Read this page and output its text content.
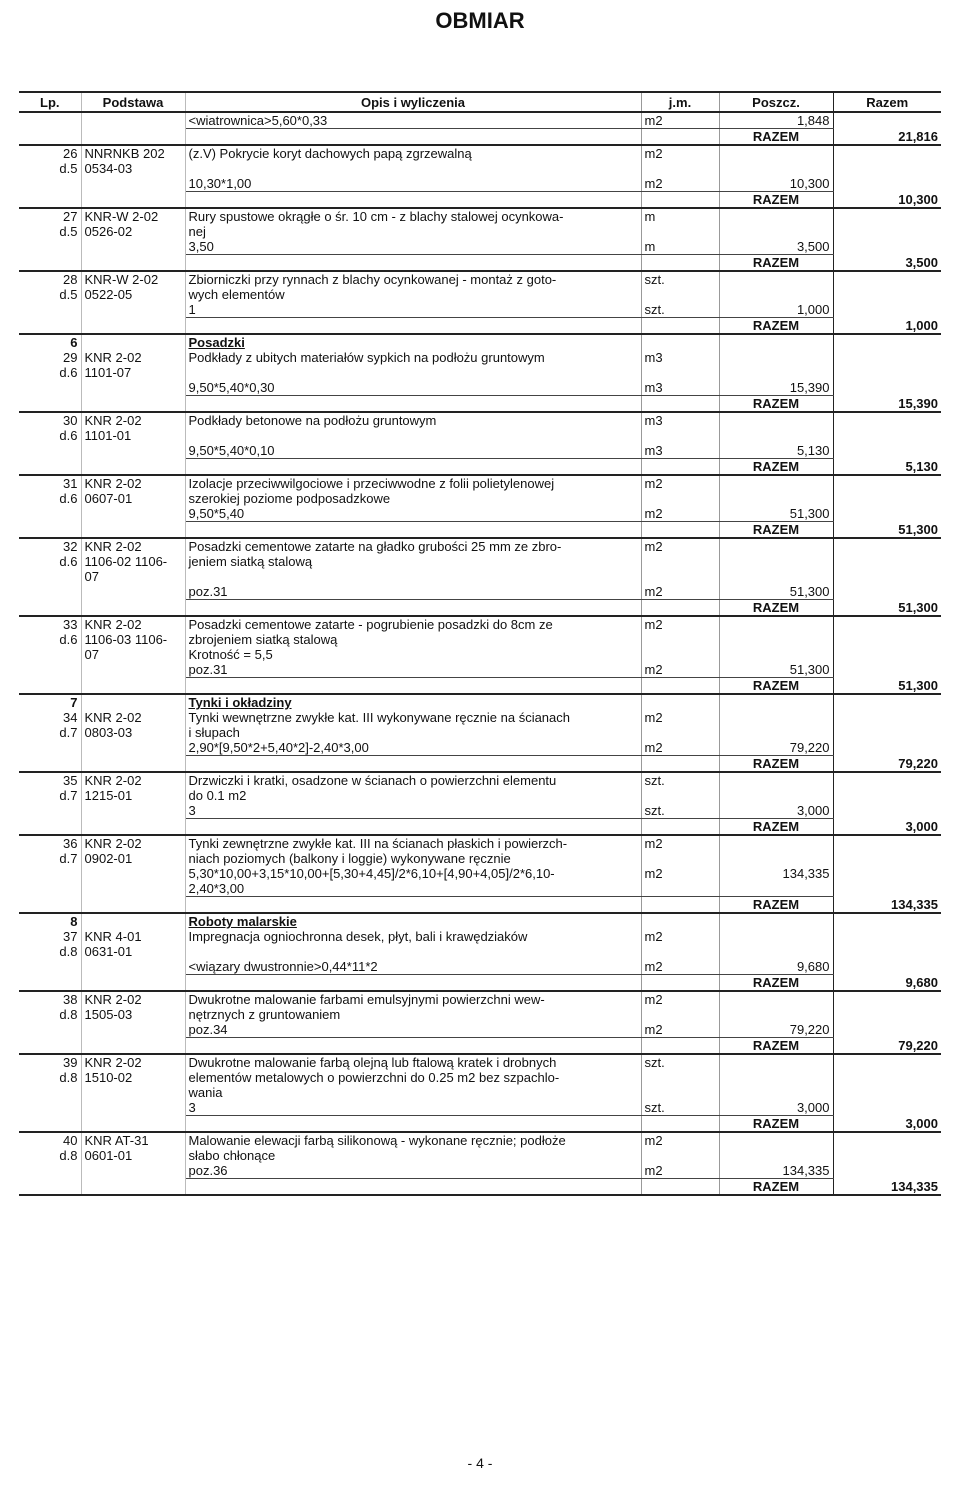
OBMIAR
Lp.	Podstawa	Opis i wyliczenia	j.m.	Poszcz.	Razem
		<wiatrownica>5,60*0,33	m2	1,848	
				RAZEM	21,816
26	NNRNKB 202	(z.V) Pokrycie koryt dachowych papą zgrzewalną	m2		
d.5	0534-03				
		10,30*1,00	m2	10,300	
				RAZEM	10,300
27	KNR-W 2-02	Rury spustowe okrągłe o śr. 10 cm - z blachy stalowej ocynkowa-	m		
d.5	0526-02	nej			
		3,50	m	3,500	
				RAZEM	3,500
28	KNR-W 2-02	Zbiorniczki przy rynnach z blachy ocynkowanej - montaż z goto-	szt.		
d.5	0522-05	wych elementów			
		1	szt.	1,000	
				RAZEM	1,000
6		Posadzki			
29	KNR 2-02	Podkłady z ubitych materiałów sypkich na podłożu gruntowym	m3		
d.6	1101-07				
		9,50*5,40*0,30	m3	15,390	
				RAZEM	15,390
30	KNR 2-02	Podkłady betonowe na podłożu gruntowym	m3		
d.6	1101-01				
		9,50*5,40*0,10	m3	5,130	
				RAZEM	5,130
31	KNR 2-02	Izolacje przeciwwilgociowe i przeciwwodne z folii polietylenowej	m2		
d.6	0607-01	szerokiej poziome podposadzkowe			
		9,50*5,40	m2	51,300	
				RAZEM	51,300
32	KNR 2-02	Posadzki cementowe zatarte na gładko grubości 25 mm ze zbro-	m2		
d.6	1106-02 1106-	jeniem siatką stalową			
	07				
		poz.31	m2	51,300	
				RAZEM	51,300
33	KNR 2-02	Posadzki cementowe zatarte - pogrubienie posadzki do 8cm ze	m2		
d.6	1106-03 1106-	zbrojeniem siatką stalową			
	07	Krotność = 5,5			
		poz.31	m2	51,300	
				RAZEM	51,300
7		Tynki i okładziny			
34	KNR 2-02	Tynki wewnętrzne zwykłe kat. III wykonywane ręcznie na ścianach	m2		
d.7	0803-03	i słupach			
		2,90*[9,50*2+5,40*2]-2,40*3,00	m2	79,220	
				RAZEM	79,220
35	KNR 2-02	Drzwiczki i kratki, osadzone w ścianach o powierzchni elementu	szt.		
d.7	1215-01	do 0.1 m2			
		3	szt.	3,000	
				RAZEM	3,000
36	KNR 2-02	Tynki zewnętrzne zwykłe kat. III na ścianach płaskich i powierzch-	m2		
d.7	0902-01	niach poziomych (balkony i loggie) wykonywane ręcznie			
		5,30*10,00+3,15*10,00+[5,30+4,45]/2*6,10+[4,90+4,05]/2*6,10-	m2	134,335	
		2,40*3,00			
				RAZEM	134,335
8		Roboty malarskie			
37	KNR 4-01	Impregnacja ogniochronna desek, płyt, bali i krawędziaków	m2		
d.8	0631-01				
		<wiązary dwustronnie>0,44*11*2	m2	9,680	
				RAZEM	9,680
38	KNR 2-02	Dwukrotne malowanie farbami emulsyjnymi powierzchni wew-	m2		
d.8	1505-03	nętrznych z gruntowaniem			
		poz.34	m2	79,220	
				RAZEM	79,220
39	KNR 2-02	Dwukrotne malowanie farbą olejną lub ftalową kratek i drobnych	szt.		
d.8	1510-02	elementów metalowych o powierzchni do 0.25 m2 bez szpachlo-			
		wania			
		3	szt.	3,000	
				RAZEM	3,000
40	KNR AT-31	Malowanie elewacji farbą silikonową - wykonane ręcznie; podłoże	m2		
d.8	0601-01	słabo chłonące			
		poz.36	m2	134,335	
				RAZEM	134,335
- 4 -
